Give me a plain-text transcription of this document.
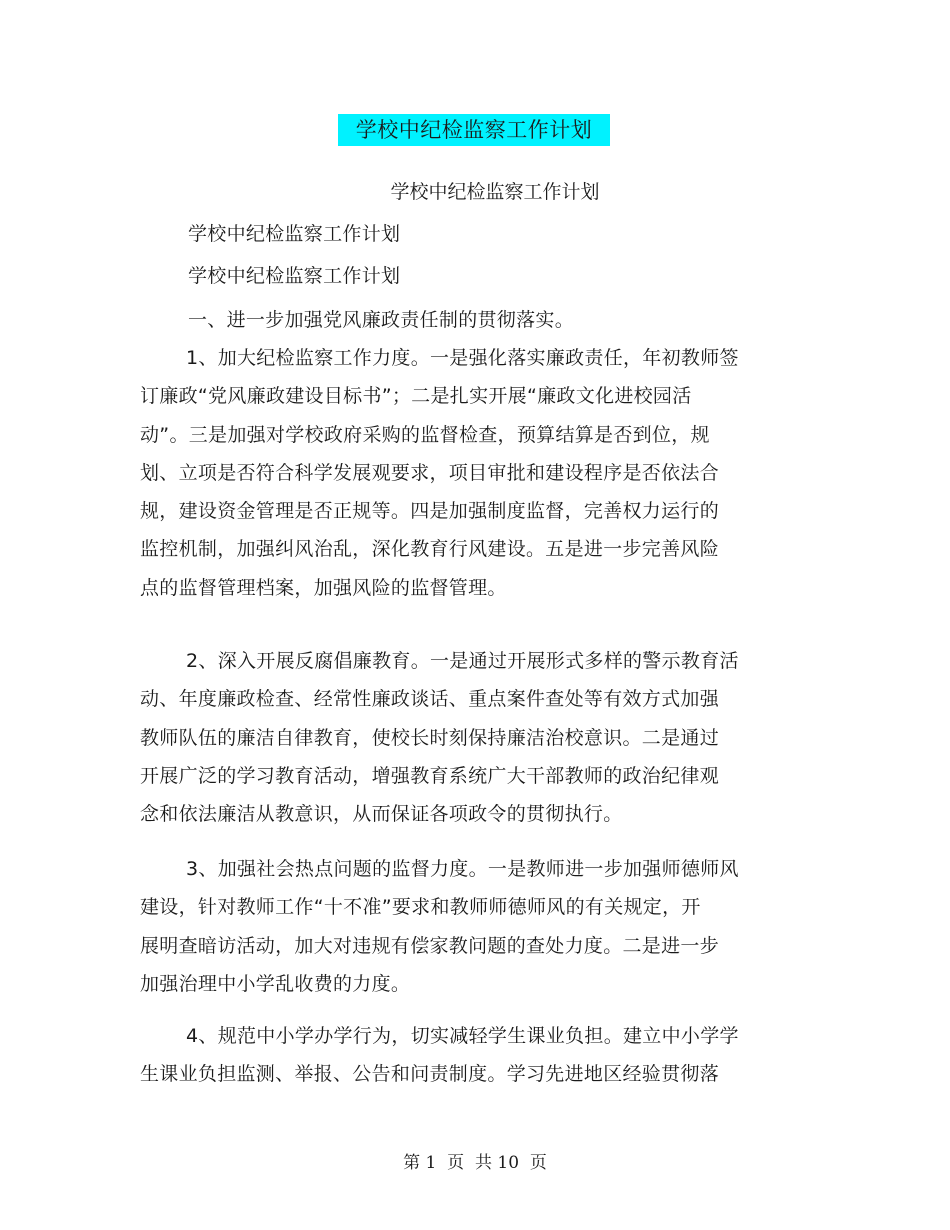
学校中纪检监察工作计划
学校中纪检监察工作计划
学校中纪检监察工作计划
学校中纪检监察工作计划
一、进一步加强党风廉政责任制的贯彻落实。
1、加大纪检监察工作力度。一是强化落实廉政责任，年初教师签
订廉政“党风廉政建设目标书”；二是扎实开展“廉政文化进校园活
动”。三是加强对学校政府采购的监督检查，预算结算是否到位，规
划、立项是否符合科学发展观要求，项目审批和建设程序是否依法合
规，建设资金管理是否正规等。四是加强制度监督，完善权力运行的
监控机制，加强纠风治乱，深化教育行风建设。五是进一步完善风险
点的监督管理档案，加强风险的监督管理。
2、深入开展反腐倡廉教育。一是通过开展形式多样的警示教育活
动、年度廉政检查、经常性廉政谈话、重点案件查处等有效方式加强
教师队伍的廉洁自律教育，使校长时刻保持廉洁治校意识。二是通过
开展广泛的学习教育活动，增强教育系统广大干部教师的政治纪律观
念和依法廉洁从教意识，从而保证各项政令的贯彻执行。
3、加强社会热点问题的监督力度。一是教师进一步加强师德师风
建设，针对教师工作“十不准”要求和教师师德师风的有关规定，开
展明查暗访活动，加大对违规有偿家教问题的查处力度。二是进一步
加强治理中小学乱收费的力度。
4、规范中小学办学行为，切实减轻学生课业负担。建立中小学学
生课业负担监测、举报、公告和问责制度。学习先进地区经验贯彻落
第 1  页  共 10  页
